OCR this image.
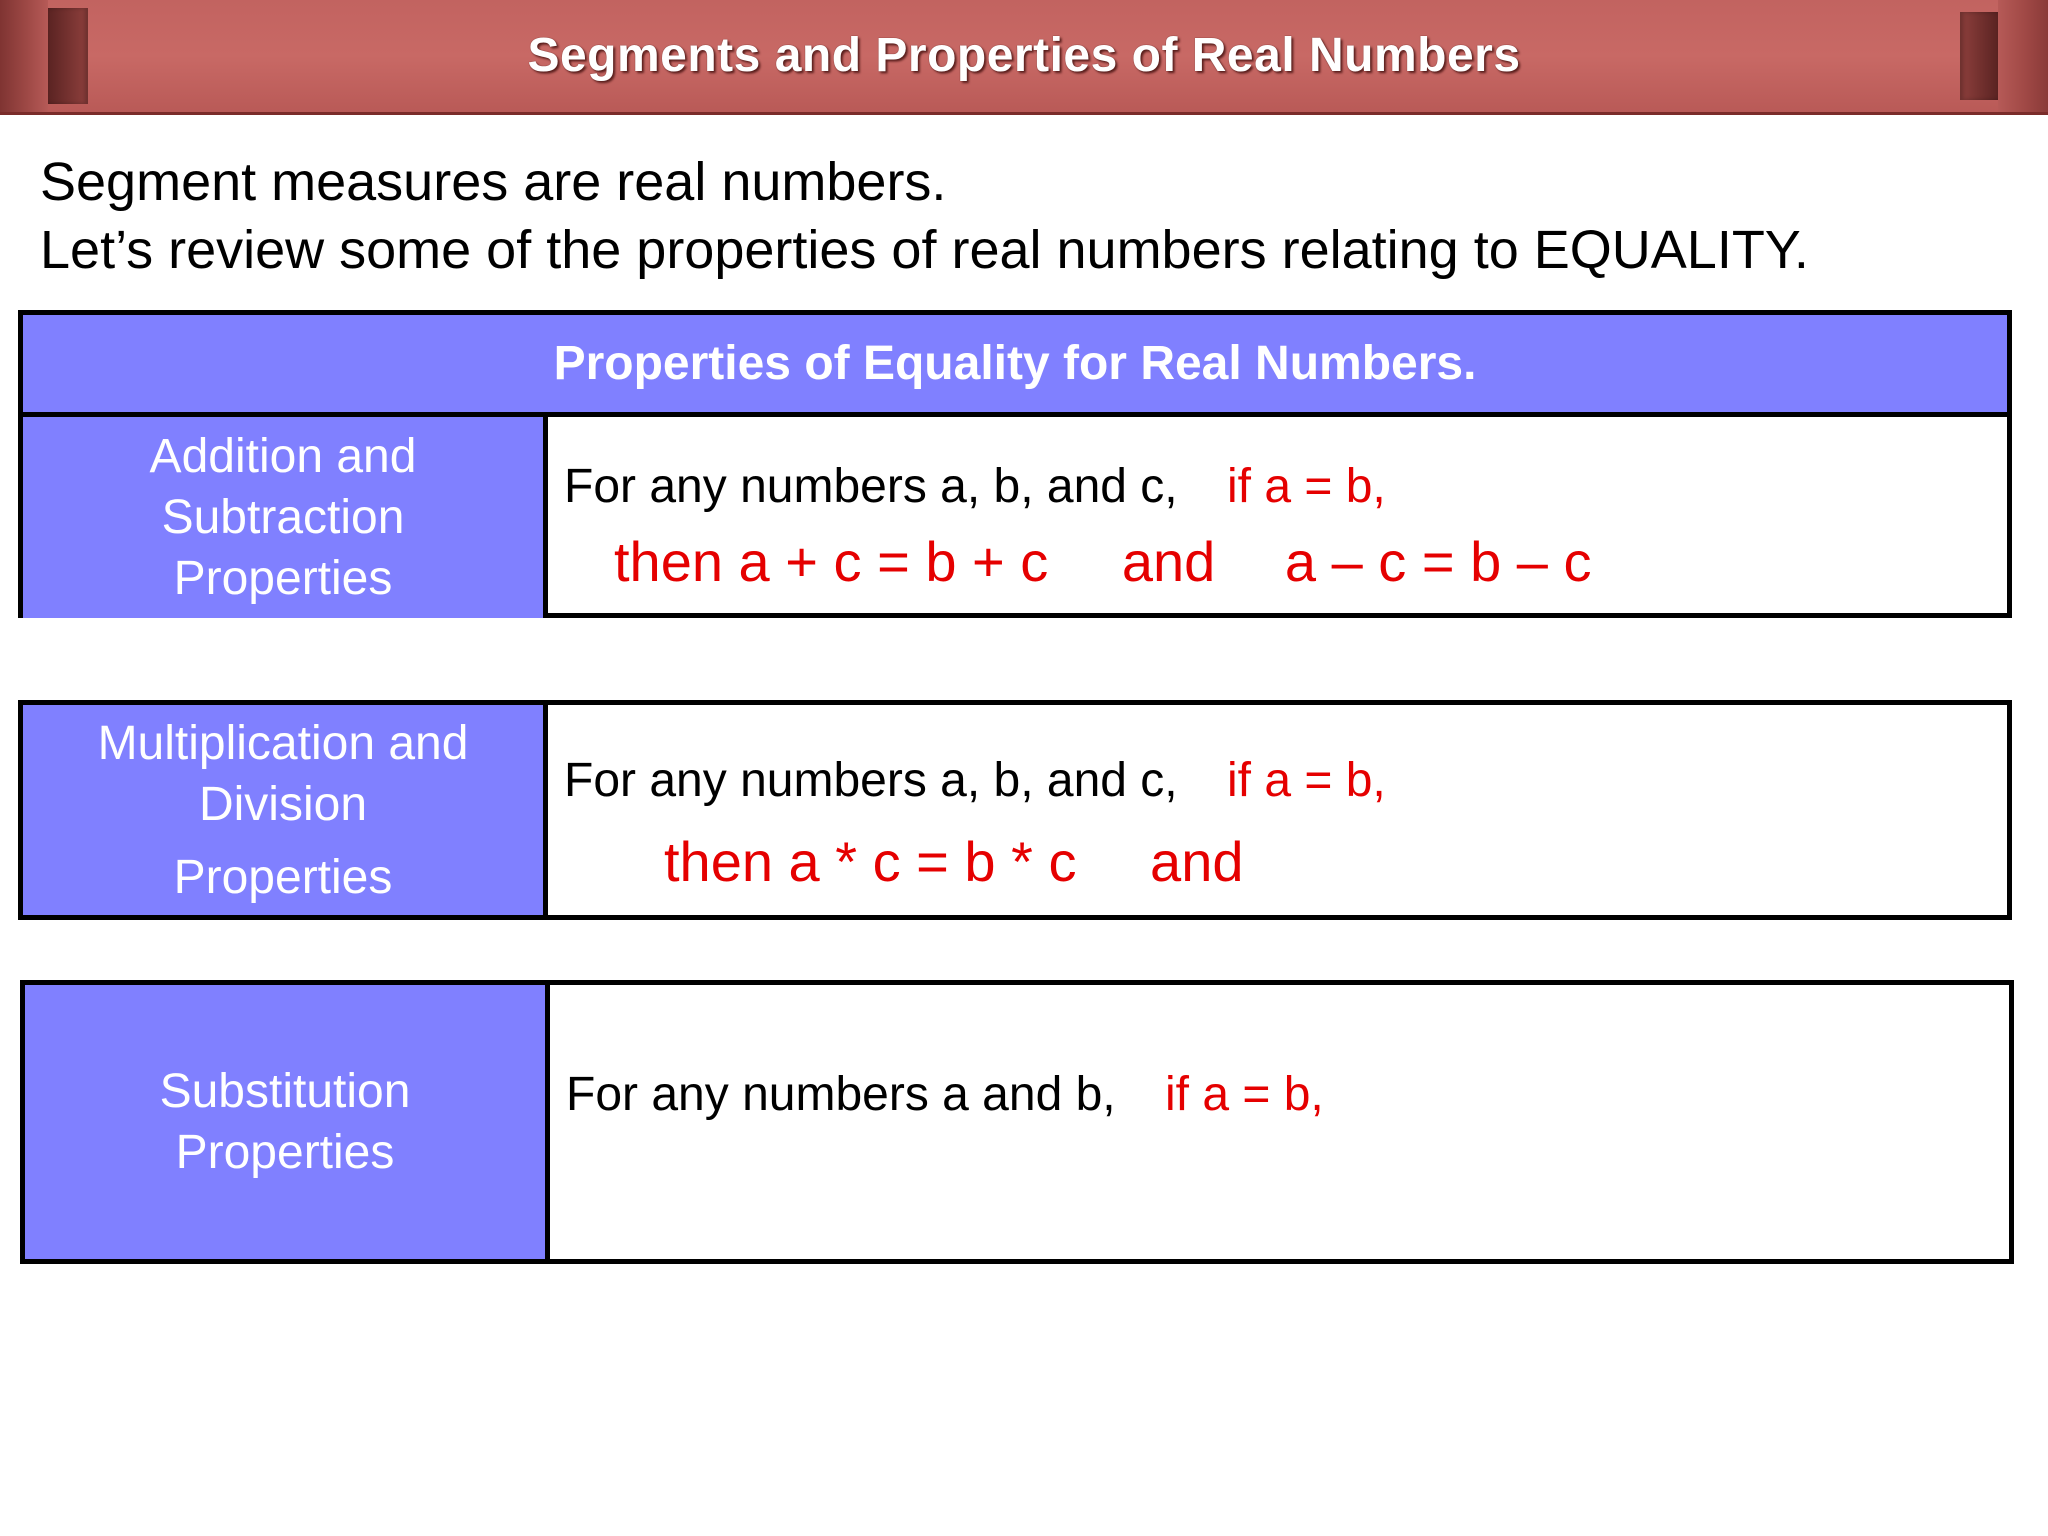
Segments and Properties of Real Numbers
Segment measures are real numbers.
Let’s review some of the properties of real numbers relating to EQUALITY.
Properties of Equality for Real Numbers.
Addition and
Subtraction
Properties
For any numbers a, b, and c, if a = b,
then a + c = b + c and a – c = b – c
Multiplication and
Division
Properties
For any numbers a, b, and c, if a = b,
then a * c = b * c and
Substitution
Properties
For any numbers a and b, if a = b,
